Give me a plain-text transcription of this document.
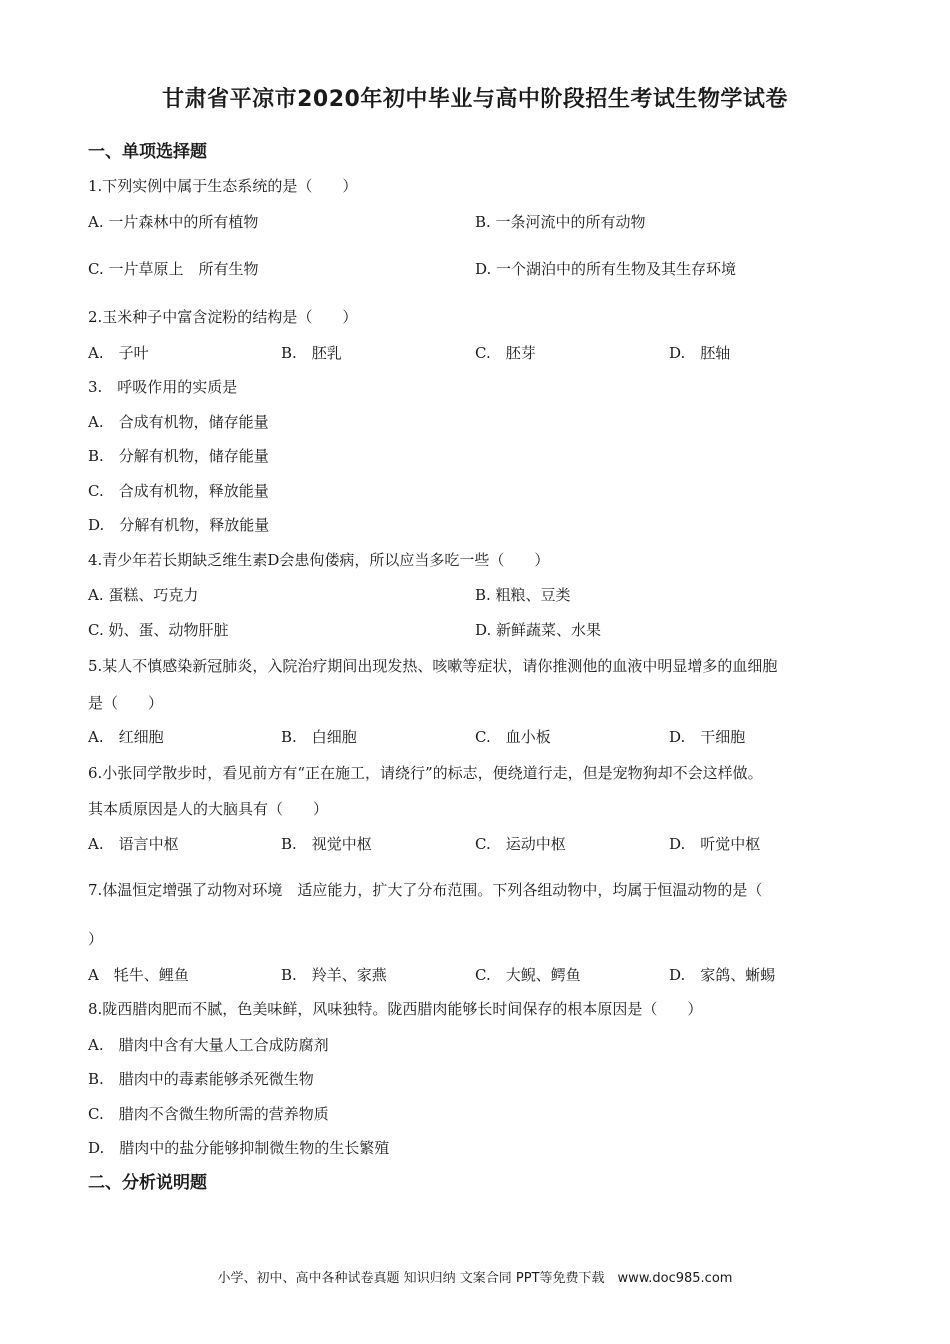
甘肃省平凉市2020年初中毕业与高中阶段招生考试生物学试卷
一、单项选择题
1.下列实例中属于生态系统的是（　　）
A. 一片森林中的所有植物	B. 一条河流中的所有动物
C. 一片草原上　所有生物	D. 一个湖泊中的所有生物及其生存环境
2.玉米种子中富含淀粉的结构是（　　）
A.　子叶	B.　胚乳	C.　胚芽	D.　胚轴
3.　呼吸作用的实质是
A.　合成有机物，储存能量
B.　分解有机物，储存能量
C.　合成有机物，释放能量
D.　分解有机物，释放能量
4.青少年若长期缺乏维生素D会患佝偻病，所以应当多吃一些（　　）
A. 蛋糕、巧克力	B. 粗粮、豆类
C. 奶、蛋、动物肝脏	D. 新鲜蔬菜、水果
5.某人不慎感染新冠肺炎，入院治疗期间出现发热、咳嗽等症状，请你推测他的血液中明显增多的血细胞
是（　　）
A.　红细胞	B.　白细胞	C.　血小板	D.　干细胞
6.小张同学散步时，看见前方有“正在施工，请绕行”的标志，便绕道行走，但是宠物狗却不会这样做。
其本质原因是人的大脑具有（　　）
A.　语言中枢	B.　视觉中枢	C.　运动中枢	D.　听觉中枢
7.体温恒定增强了动物对环境　适应能力，扩大了分布范围。下列各组动物中，均属于恒温动物的是（
）
A　牦牛、鲤鱼	B.　羚羊、家燕	C.　大鲵、鳄鱼	D.　家鸽、蜥蜴
8.陇西腊肉肥而不腻，色美味鲜，风味独特。陇西腊肉能够长时间保存的根本原因是（　　）
A.　腊肉中含有大量人工合成防腐剂
B.　腊肉中的毒素能够杀死微生物
C.　腊肉不含微生物所需的营养物质
D.　腊肉中的盐分能够抑制微生物的生长繁殖
二、分析说明题
小学、初中、高中各种试卷真题 知识归纳 文案合同 PPT等免费下载　www.doc985.com
